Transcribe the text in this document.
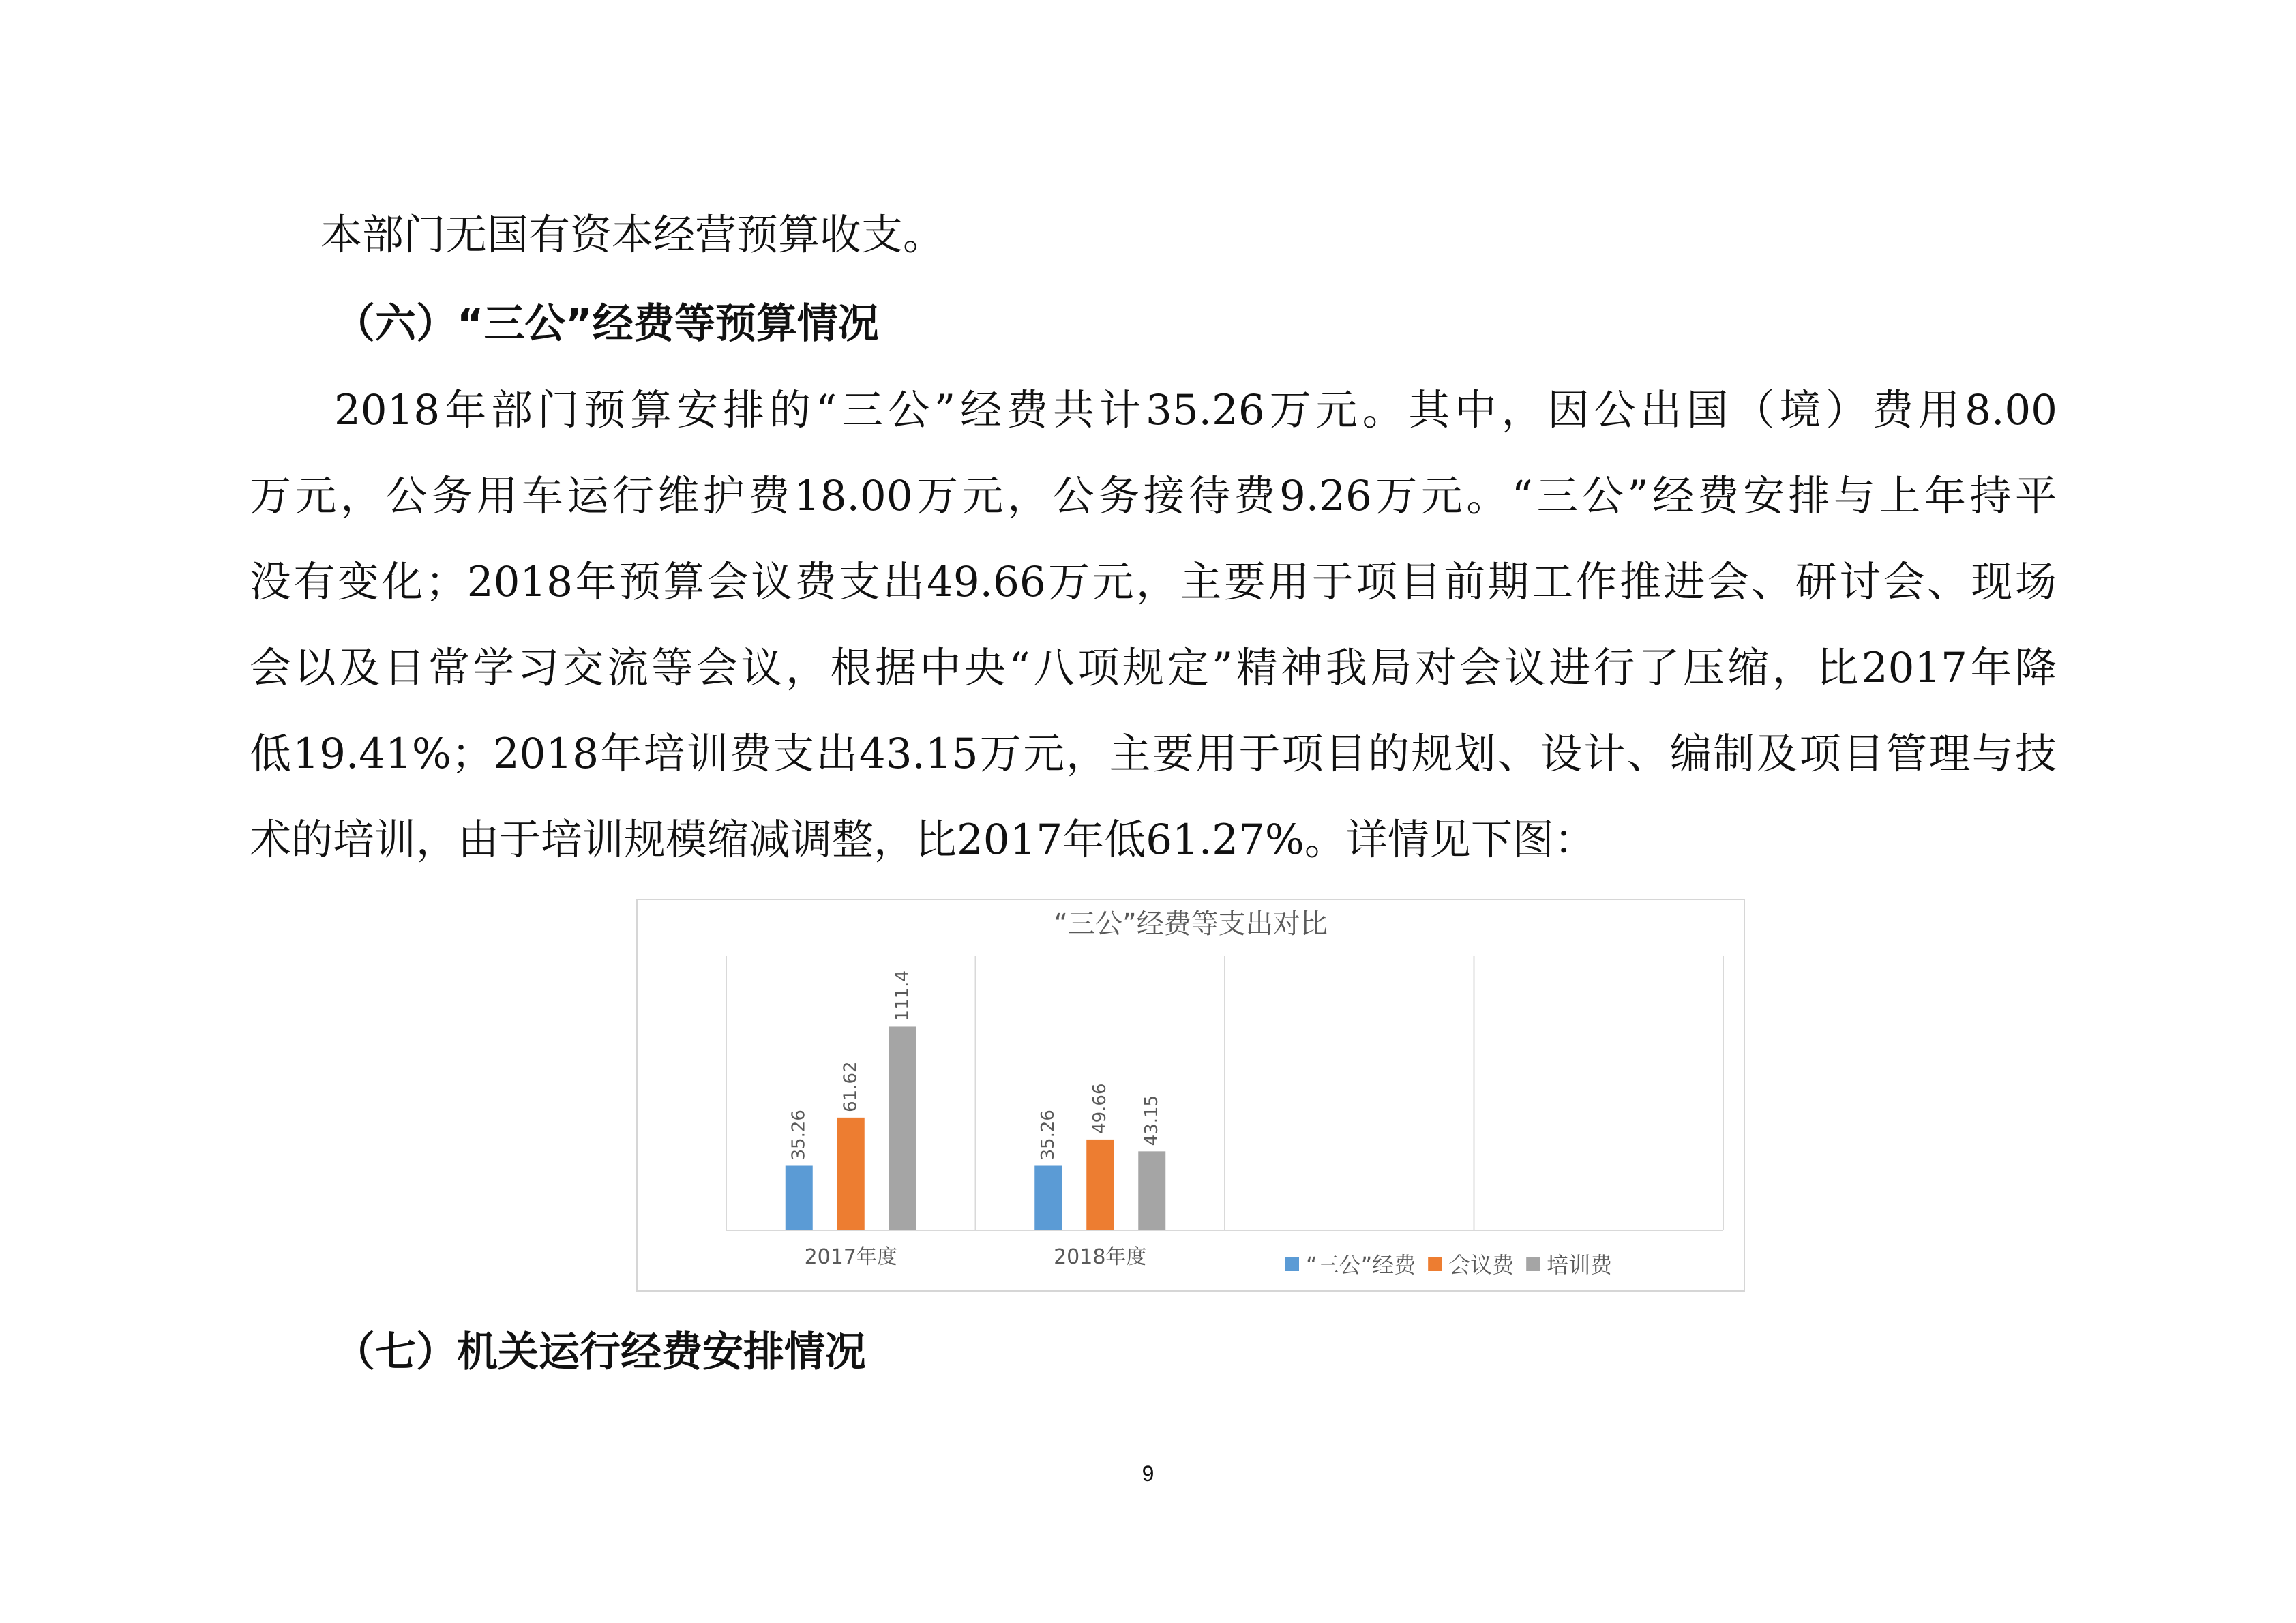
本部门无国有资本经营预算收支。
（六）“三公”经费等预算情况
2018年部门预算安排的“三公”经费共计35.26万元。其中，因公出国（境）费用8.00
万元，公务用车运行维护费18.00万元，公务接待费9.26万元。“三公”经费安排与上年持平
没有变化；2018年预算会议费支出49.66万元，主要用于项目前期工作推进会、研讨会、现场
会以及日常学习交流等会议，根据中央“八项规定”精神我局对会议进行了压缩，比2017年降
低19.41%；2018年培训费支出43.15万元，主要用于项目的规划、设计、编制及项目管理与技
术的培训，由于培训规模缩减调整，比2017年低61.27%。详情见下图：
“三公”经费等支出对比
35.26
61.62
111.4
35.26
49.66 43.15
2017年度	2018年度	“三公”经费 会议费 培训费
（七）机关运行经费安排情况
9
